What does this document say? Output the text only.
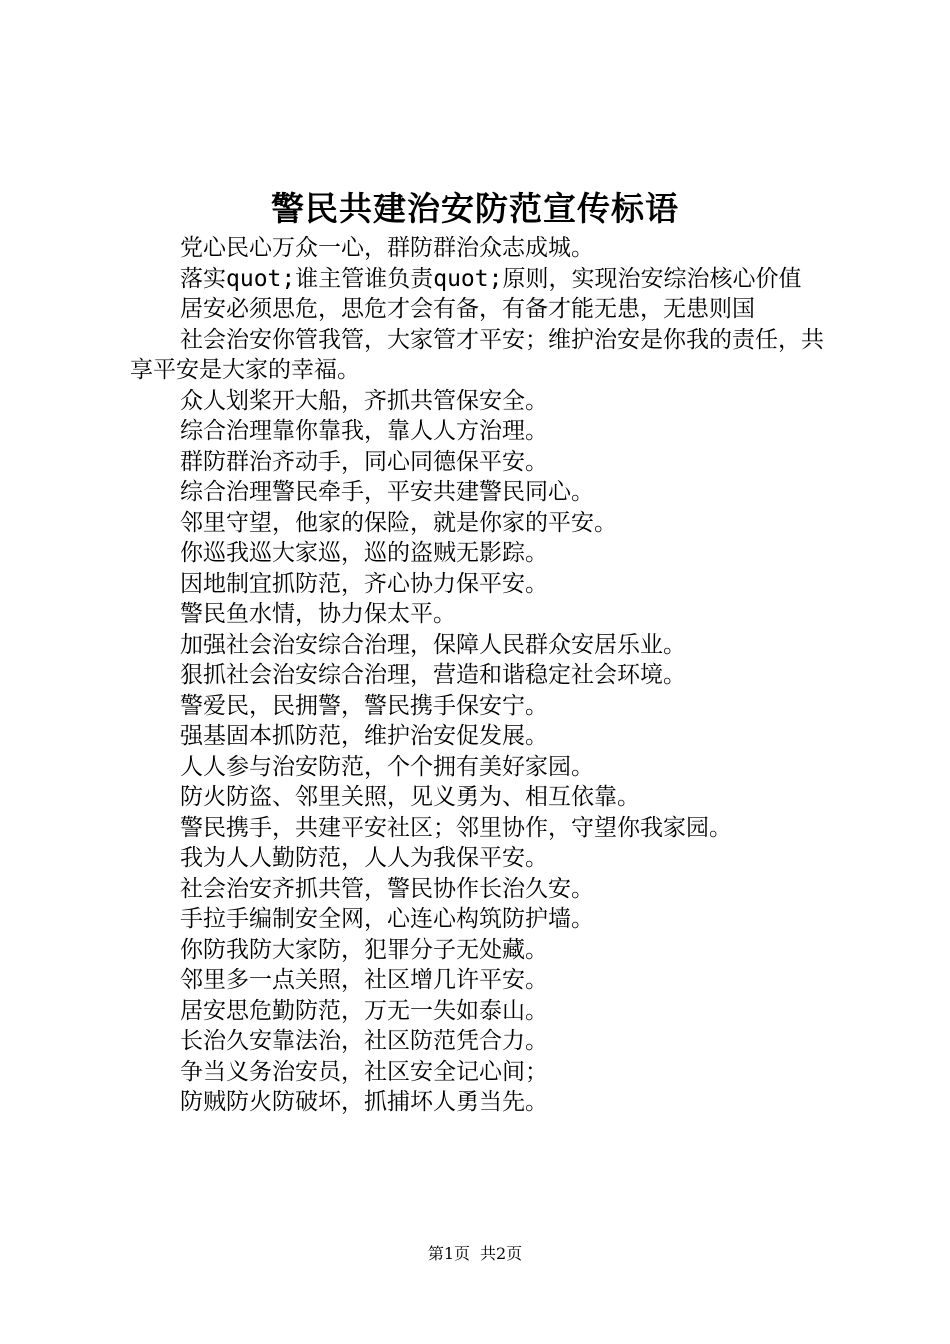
警民共建治安防范宣传标语

党心民心万众一心，群防群治众志成城。

落实quot;谁主管谁负责quot;原则，实现治安综治核心价值

居安必须思危，思危才会有备，有备才能无患，无患则国

社会治安你管我管，大家管才平安；维护治安是你我的责任，共享平安是大家的幸福。

众人划桨开大船，齐抓共管保安全。

综合治理靠你靠我，靠人人方治理。

群防群治齐动手，同心同德保平安。

综合治理警民牵手，平安共建警民同心。

邻里守望，他家的保险，就是你家的平安。

你巡我巡大家巡，巡的盗贼无影踪。

因地制宜抓防范，齐心协力保平安。

警民鱼水情，协力保太平。

加强社会治安综合治理，保障人民群众安居乐业。

狠抓社会治安综合治理，营造和谐稳定社会环境。

警爱民，民拥警，警民携手保安宁。

强基固本抓防范，维护治安促发展。

人人参与治安防范，个个拥有美好家园。

防火防盗、邻里关照，见义勇为、相互依靠。

警民携手，共建平安社区；邻里协作，守望你我家园。

我为人人勤防范，人人为我保平安。

社会治安齐抓共管，警民协作长治久安。

手拉手编制安全网，心连心构筑防护墙。

你防我防大家防，犯罪分子无处藏。

邻里多一点关照，社区增几许平安。

居安思危勤防范，万无一失如泰山。

长治久安靠法治，社区防范凭合力。

争当义务治安员，社区安全记心间；

防贼防火防破坏，抓捕坏人勇当先。

第1页 共2页
